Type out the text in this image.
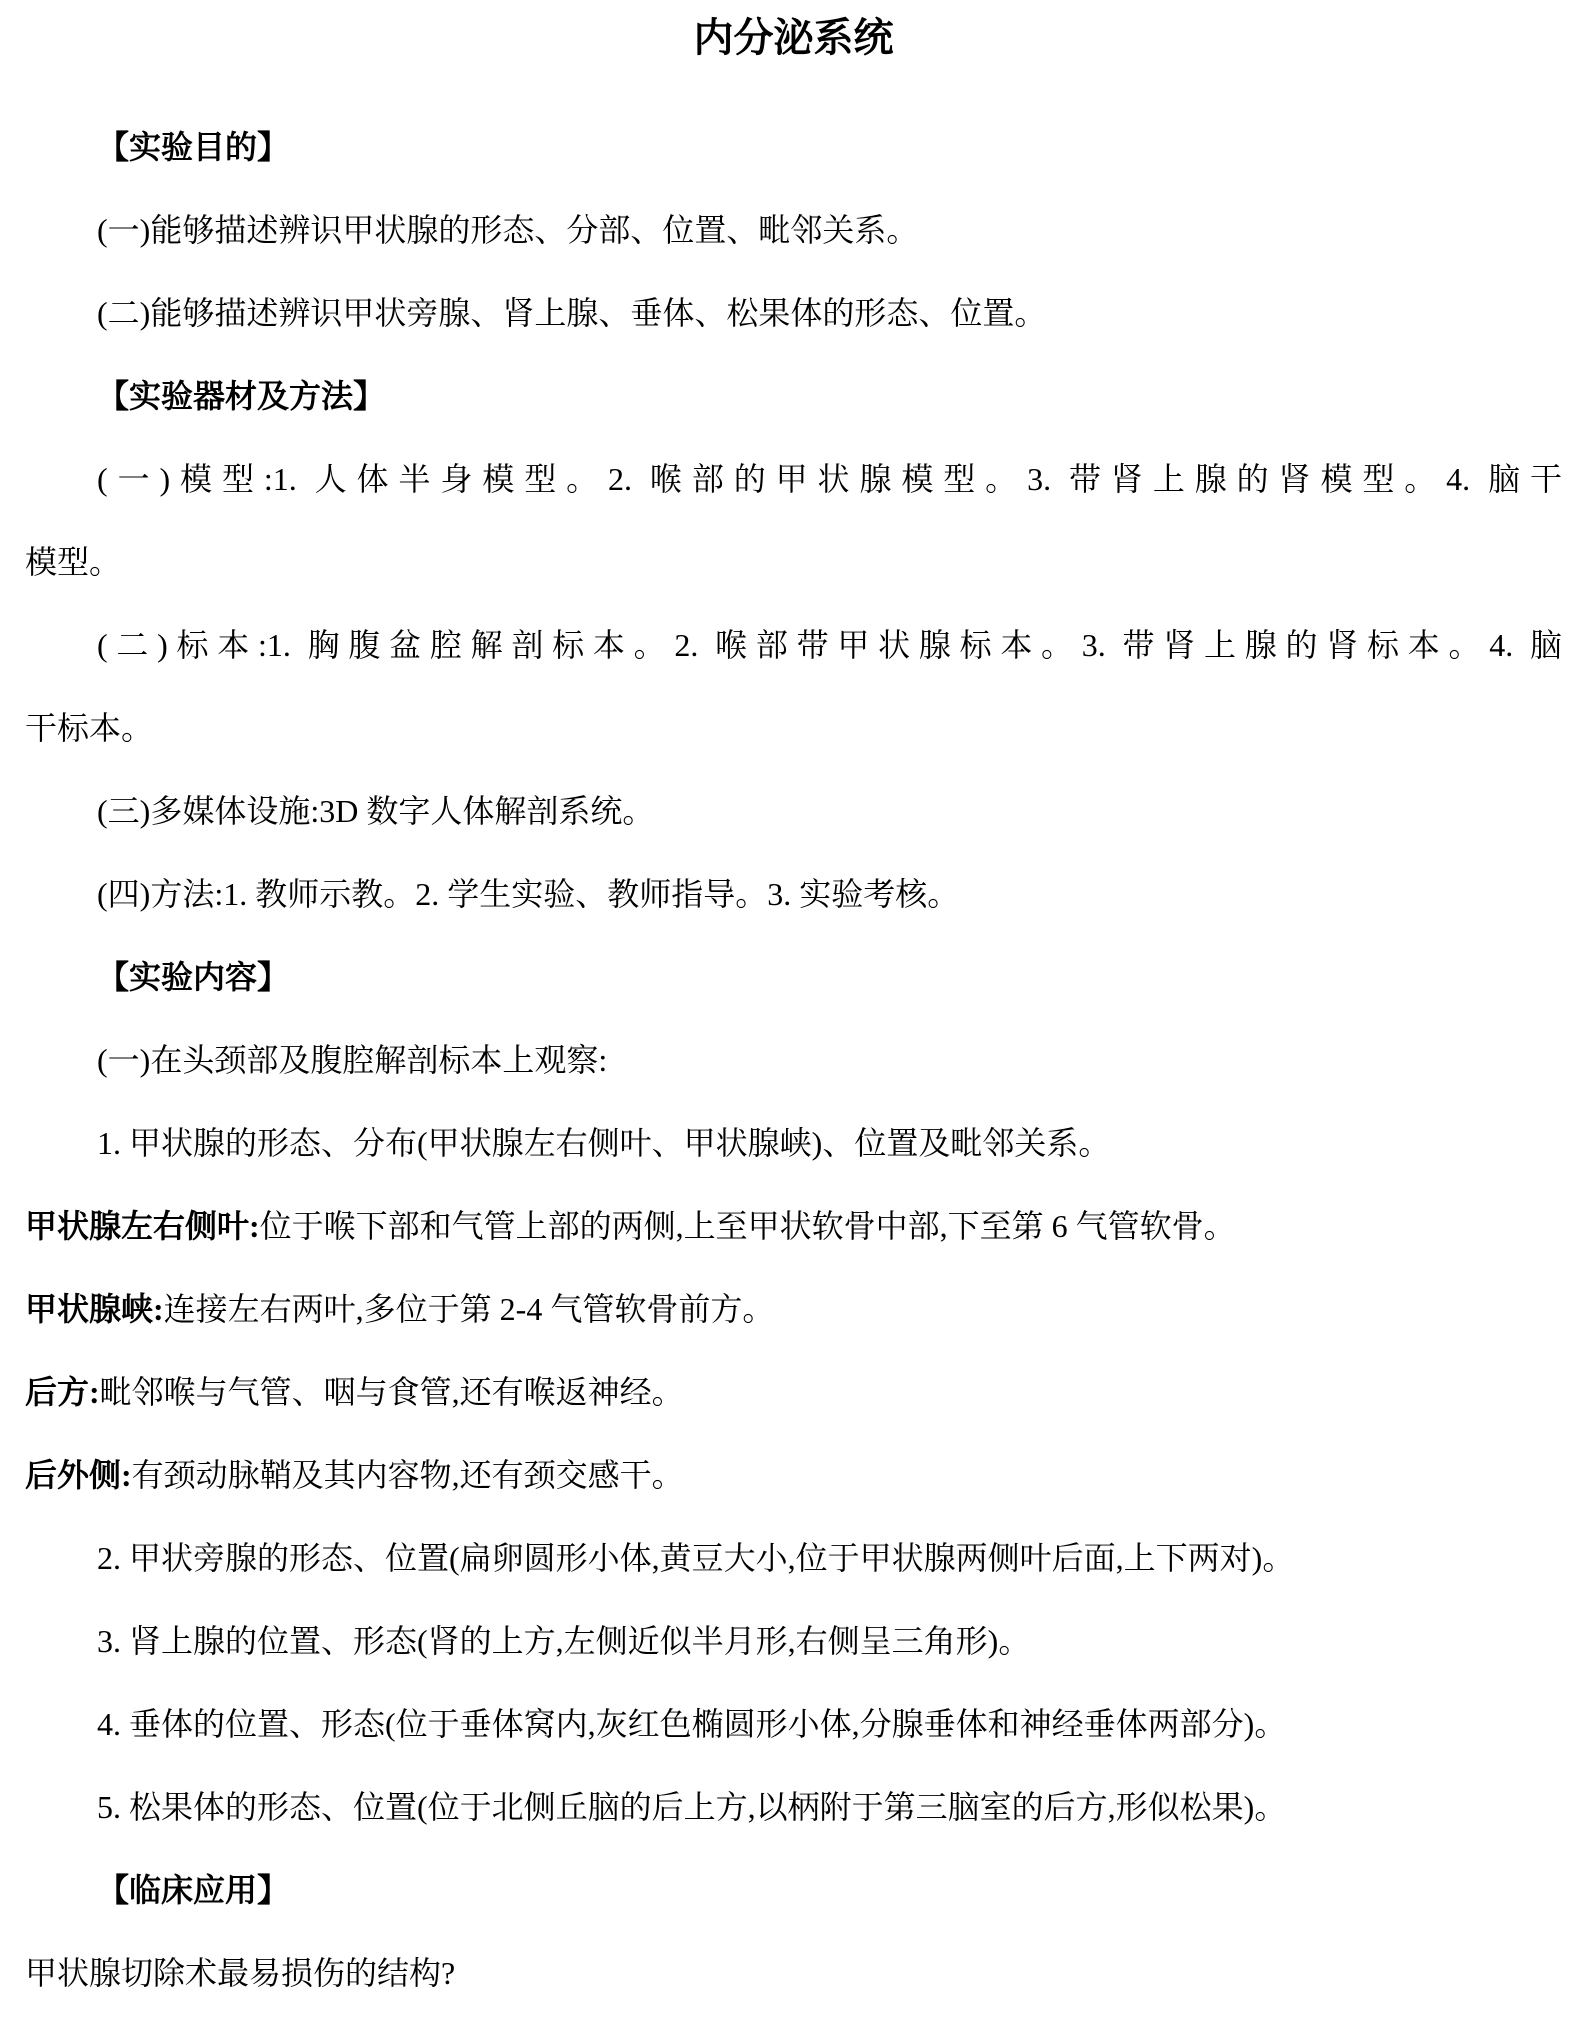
内分泌系统

【实验目的】

(一)能够描述辨识甲状腺的形态、分部、位置、毗邻关系。

(二)能够描述辨识甲状旁腺、肾上腺、垂体、松果体的形态、位置。

【实验器材及方法】

(一)模型:1. 人体半身模型。2. 喉部的甲状腺模型。3. 带肾上腺的肾模型。4. 脑干
模型。

(二)标本:1. 胸腹盆腔解剖标本。2. 喉部带甲状腺标本。3. 带肾上腺的肾标本。4. 脑
干标本。

(三)多媒体设施:3D 数字人体解剖系统。

(四)方法:1. 教师示教。2. 学生实验、教师指导。3. 实验考核。

【实验内容】

(一)在头颈部及腹腔解剖标本上观察:

1. 甲状腺的形态、分布(甲状腺左右侧叶、甲状腺峡)、位置及毗邻关系。

甲状腺左右侧叶:位于喉下部和气管上部的两侧,上至甲状软骨中部,下至第 6 气管软骨。

甲状腺峡:连接左右两叶,多位于第 2-4 气管软骨前方。

后方:毗邻喉与气管、咽与食管,还有喉返神经。

后外侧:有颈动脉鞘及其内容物,还有颈交感干。

2. 甲状旁腺的形态、位置(扁卵圆形小体,黄豆大小,位于甲状腺两侧叶后面,上下两对)。

3. 肾上腺的位置、形态(肾的上方,左侧近似半月形,右侧呈三角形)。

4. 垂体的位置、形态(位于垂体窝内,灰红色椭圆形小体,分腺垂体和神经垂体两部分)。

5. 松果体的形态、位置(位于北侧丘脑的后上方,以柄附于第三脑室的后方,形似松果)。

【临床应用】

甲状腺切除术最易损伤的结构?
